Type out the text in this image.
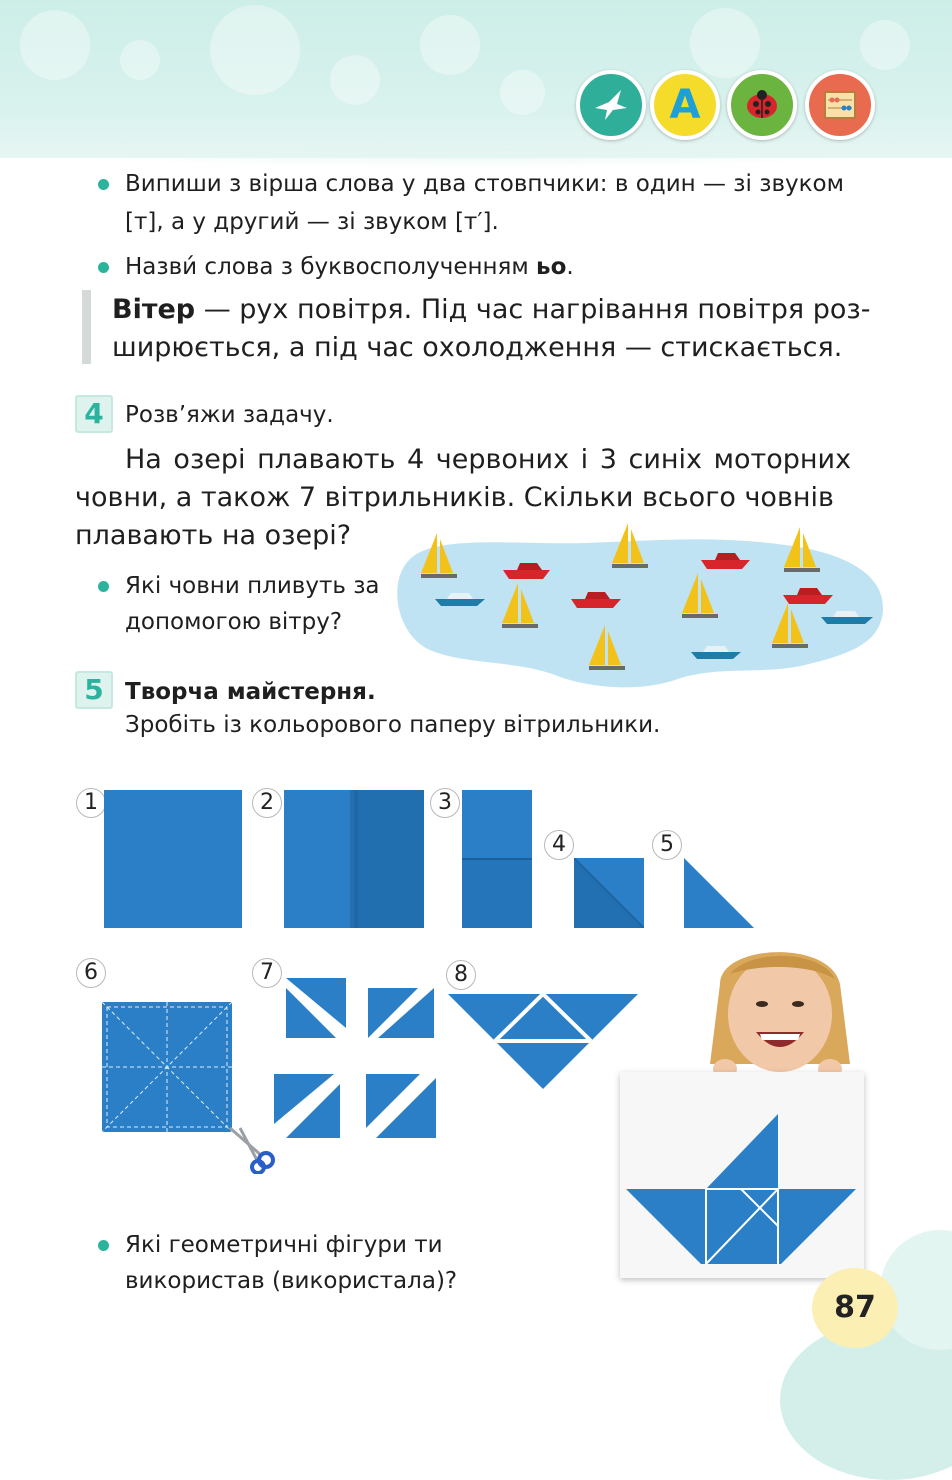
A
Випиши з вірша слова у два стовпчики: в один — зі звуком
[т], а у другий — зі звуком [т′].
Назви́ слова з буквосполученням ьо.
Вітер — рух повітря. Під час нагрівання повітря роз-
ширюється, а під час охолодження — стискається.
4 Розв’яжи задачу.
На озері плавають 4 червоних і 3 синіх моторних
човни, а також 7 вітрильників. Скільки всього човнів
плавають на озері?
Які човни пливуть за
допомогою вітру?
5 Творча майстерня.
Зробіть із кольорового паперу вітрильники.
1	2	3
4	5
6	7	8
Які геометричні фігури ти
використав (використала)?
87
